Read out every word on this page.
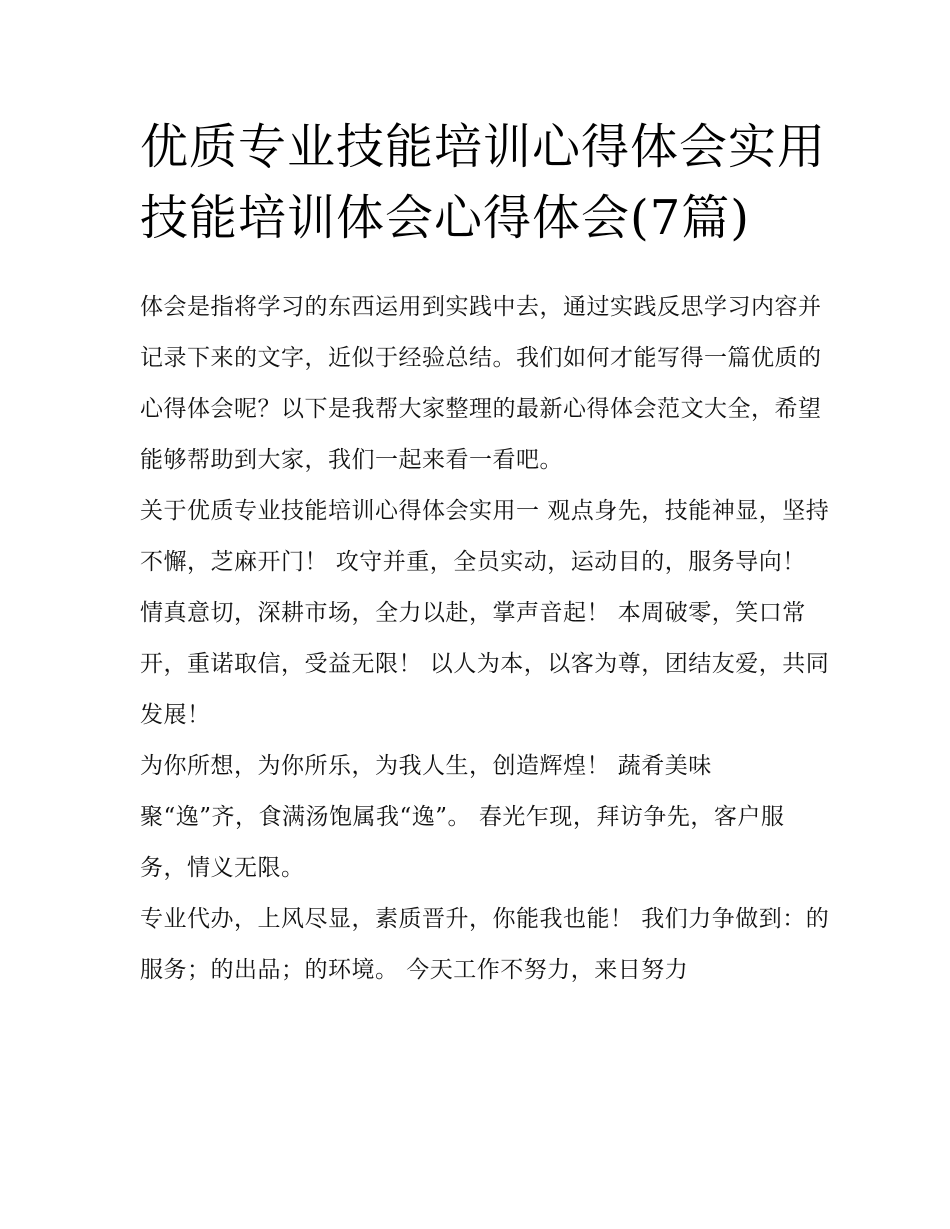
优质专业技能培训心得体会实用 技能培训体会心得体会(7篇)

体会是指将学习的东西运用到实践中去，通过实践反思学习内容并记录下来的文字，近似于经验总结。我们如何才能写得一篇优质的心得体会呢？以下是我帮大家整理的最新心得体会范文大全，希望能够帮助到大家，我们一起来看一看吧。

关于优质专业技能培训心得体会实用一 观点身先，技能神显，坚持不懈，芝麻开门！ 攻守并重，全员实动，运动目的，服务导向！

情真意切，深耕市场，全力以赴，掌声音起！ 本周破零，笑口常开，重诺取信，受益无限！ 以人为本，以客为尊，团结友爱，共同发展！

为你所想，为你所乐，为我人生，创造辉煌！ 蔬肴美味聚“逸”齐，食满汤饱属我“逸”。 春光乍现，拜访争先，客户服务，情义无限。

专业代办，上风尽显，素质晋升，你能我也能！ 我们力争做到：的服务；的出品；的环境。 今天工作不努力，来日努力
